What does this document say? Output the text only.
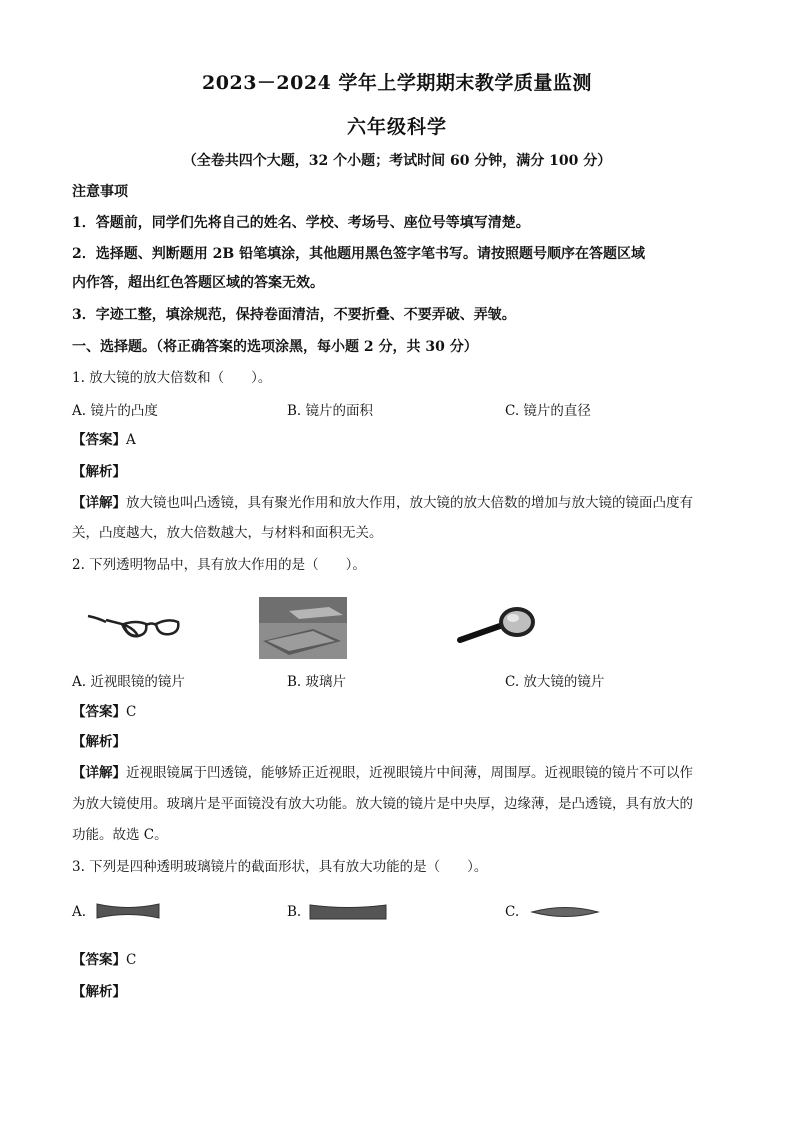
2023－2024 学年上学期期末教学质量监测
六年级科学
（全卷共四个大题，32 个小题；考试时间 60 分钟，满分 100 分）
注意事项
1．答题前，同学们先将自己的姓名、学校、考场号、座位号等填写清楚。
2．选择题、判断题用 2B 铅笔填涂，其他题用黑色签字笔书写。请按照题号顺序在答题区域
内作答，超出红色答题区域的答案无效。
3．字迹工整，填涂规范，保持卷面清洁，不要折叠、不要弄破、弄皱。
一、选择题。（将正确答案的选项涂黑，每小题 2 分，共 30 分）
1. 放大镜的放大倍数和（　　）。
A. 镜片的凸度	B. 镜片的面积	C. 镜片的直径
【答案】A
【解析】
【详解】放大镜也叫凸透镜，具有聚光作用和放大作用，放大镜的放大倍数的增加与放大镜的镜面凸度有
关，凸度越大，放大倍数越大，与材料和面积无关。
2. 下列透明物品中，具有放大作用的是（　　）。
A. 近视眼镜的镜片	B. 玻璃片	C. 放大镜的镜片
【答案】C
【解析】
【详解】近视眼镜属于凹透镜，能够矫正近视眼，近视眼镜片中间薄，周围厚。近视眼镜的镜片不可以作
为放大镜使用。玻璃片是平面镜没有放大功能。放大镜的镜片是中央厚，边缘薄，是凸透镜，具有放大的
功能。故选 C。
3. 下列是四种透明玻璃镜片的截面形状，具有放大功能的是（　　）。
A.	B.	C.
【答案】C
【解析】
